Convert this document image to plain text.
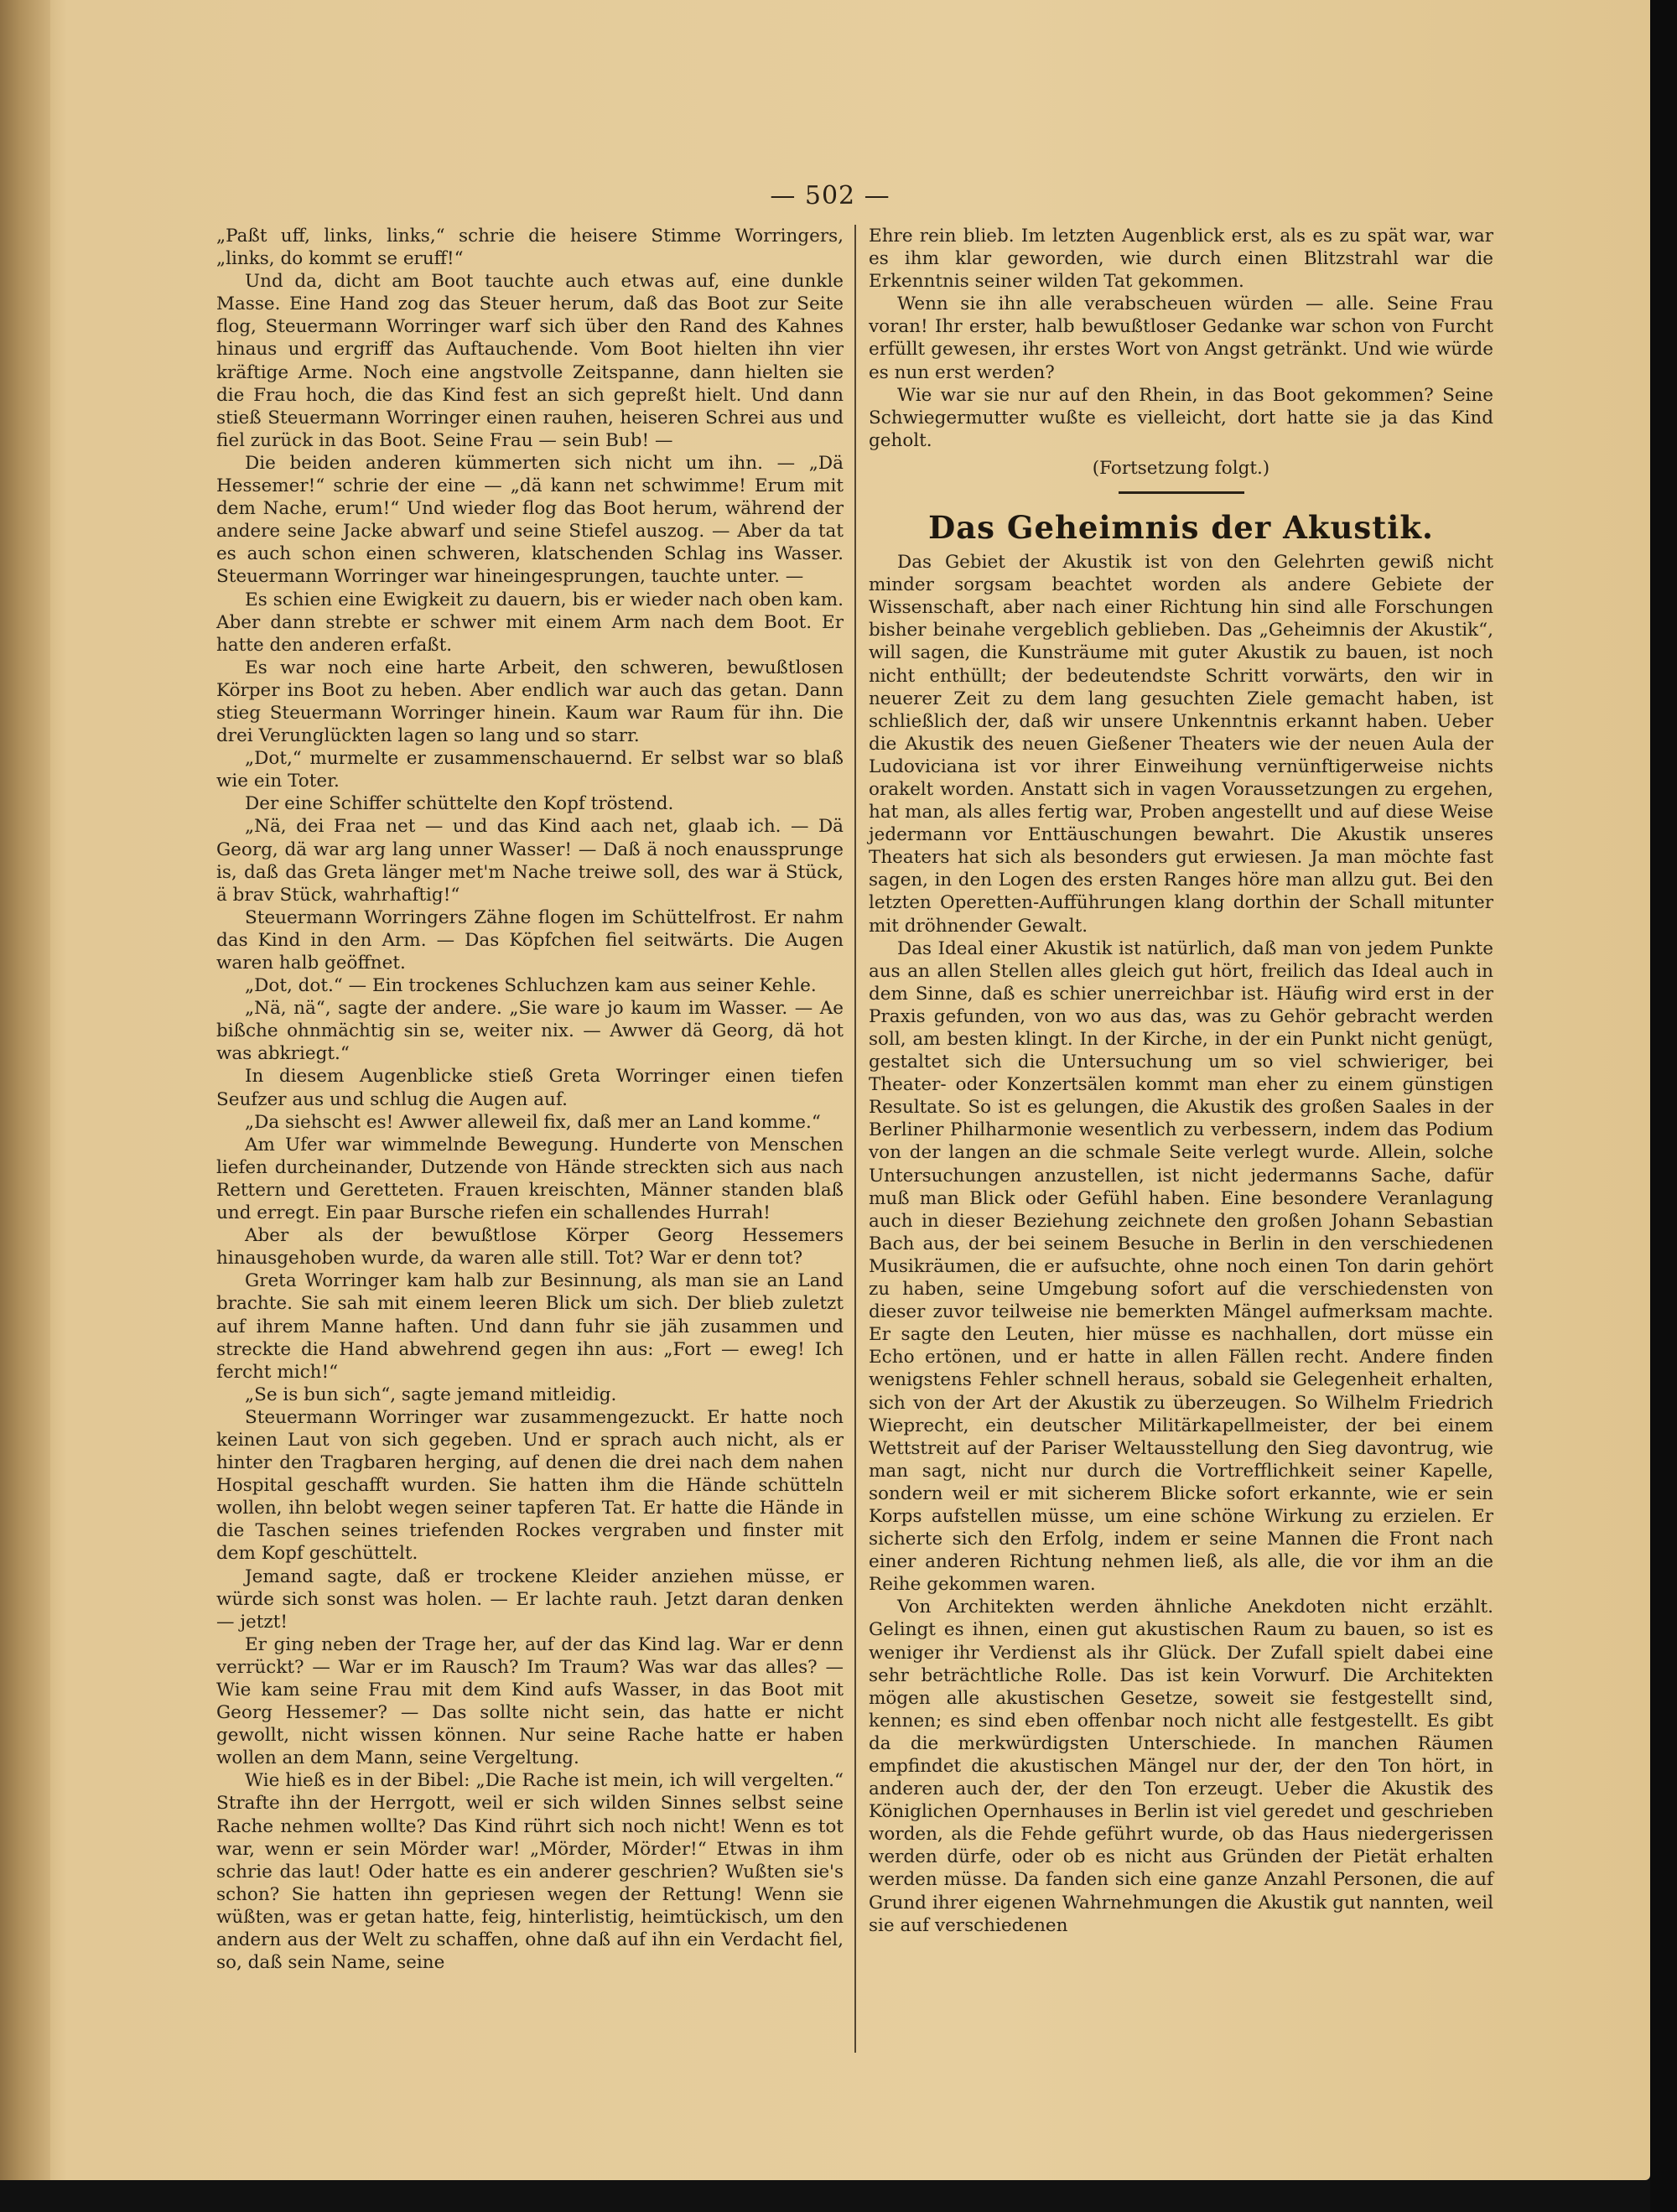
— 502 —

„Paßt uff, links, links,“ schrie die heisere Stimme Worringers, „links, do kommt se eruff!“

Und da, dicht am Boot tauchte auch etwas auf, eine dunkle Masse. Eine Hand zog das Steuer herum, daß das Boot zur Seite flog, Steuermann Worringer warf sich über den Rand des Kahnes hinaus und ergriff das Auftauchende. Vom Boot hielten ihn vier kräftige Arme. Noch eine angstvolle Zeitspanne, dann hielten sie die Frau hoch, die das Kind fest an sich gepreßt hielt. Und dann stieß Steuermann Worringer einen rauhen, heiseren Schrei aus und fiel zurück in das Boot. Seine Frau — sein Bub! —

Die beiden anderen kümmerten sich nicht um ihn. — „Dä Hessemer!“ schrie der eine — „dä kann net schwimme! Erum mit dem Nache, erum!“ Und wieder flog das Boot herum, während der andere seine Jacke abwarf und seine Stiefel auszog. — Aber da tat es auch schon einen schweren, klatschenden Schlag ins Wasser. Steuermann Worringer war hineingesprungen, tauchte unter. —

Es schien eine Ewigkeit zu dauern, bis er wieder nach oben kam. Aber dann strebte er schwer mit einem Arm nach dem Boot. Er hatte den anderen erfaßt.

Es war noch eine harte Arbeit, den schweren, bewußtlosen Körper ins Boot zu heben. Aber endlich war auch das getan. Dann stieg Steuermann Worringer hinein. Kaum war Raum für ihn. Die drei Verunglückten lagen so lang und so starr.

„Dot,“ murmelte er zusammenschauernd. Er selbst war so blaß wie ein Toter.

Der eine Schiffer schüttelte den Kopf tröstend.

„Nä, dei Fraa net — und das Kind aach net, glaab ich. — Dä Georg, dä war arg lang unner Wasser! — Daß ä noch enaussprunge is, daß das Greta länger met'm Nache treiwe soll, des war ä Stück, ä brav Stück, wahrhaftig!“

Steuermann Worringers Zähne flogen im Schüttelfrost. Er nahm das Kind in den Arm. — Das Köpfchen fiel seitwärts. Die Augen waren halb geöffnet.

„Dot, dot.“ — Ein trockenes Schluchzen kam aus seiner Kehle.

„Nä, nä“, sagte der andere. „Sie ware jo kaum im Wasser. — Ae bißche ohnmächtig sin se, weiter nix. — Awwer dä Georg, dä hot was abkriegt.“

In diesem Augenblicke stieß Greta Worringer einen tiefen Seufzer aus und schlug die Augen auf.

„Da siehscht es! Awwer alleweil fix, daß mer an Land komme.“

Am Ufer war wimmelnde Bewegung. Hunderte von Menschen liefen durcheinander, Dutzende von Hände streckten sich aus nach Rettern und Geretteten. Frauen kreischten, Männer standen blaß und erregt. Ein paar Bursche riefen ein schallendes Hurrah!

Aber als der bewußtlose Körper Georg Hessemers hinausgehoben wurde, da waren alle still. Tot? War er denn tot?

Greta Worringer kam halb zur Besinnung, als man sie an Land brachte. Sie sah mit einem leeren Blick um sich. Der blieb zuletzt auf ihrem Manne haften. Und dann fuhr sie jäh zusammen und streckte die Hand abwehrend gegen ihn aus: „Fort — eweg! Ich fercht mich!“

„Se is bun sich“, sagte jemand mitleidig.

Steuermann Worringer war zusammengezuckt. Er hatte noch keinen Laut von sich gegeben. Und er sprach auch nicht, als er hinter den Tragbaren herging, auf denen die drei nach dem nahen Hospital geschafft wurden. Sie hatten ihm die Hände schütteln wollen, ihn belobt wegen seiner tapferen Tat. Er hatte die Hände in die Taschen seines triefenden Rockes vergraben und finster mit dem Kopf geschüttelt.

Jemand sagte, daß er trockene Kleider anziehen müsse, er würde sich sonst was holen. — Er lachte rauh. Jetzt daran denken — jetzt!

Er ging neben der Trage her, auf der das Kind lag. War er denn verrückt? — War er im Rausch? Im Traum? Was war das alles? — Wie kam seine Frau mit dem Kind aufs Wasser, in das Boot mit Georg Hessemer? — Das sollte nicht sein, das hatte er nicht gewollt, nicht wissen können. Nur seine Rache hatte er haben wollen an dem Mann, seine Vergeltung.

Wie hieß es in der Bibel: „Die Rache ist mein, ich will vergelten.“ Strafte ihn der Herrgott, weil er sich wilden Sinnes selbst seine Rache nehmen wollte? Das Kind rührt sich noch nicht! Wenn es tot war, wenn er sein Mörder war! „Mörder, Mörder!“ Etwas in ihm schrie das laut! Oder hatte es ein anderer geschrien? Wußten sie's schon? Sie hatten ihn gepriesen wegen der Rettung! Wenn sie wüßten, was er getan hatte, feig, hinterlistig, heimtückisch, um den andern aus der Welt zu schaffen, ohne daß auf ihn ein Verdacht fiel, so, daß sein Name, seine

Ehre rein blieb. Im letzten Augenblick erst, als es zu spät war, war es ihm klar geworden, wie durch einen Blitzstrahl war die Erkenntnis seiner wilden Tat gekommen.

Wenn sie ihn alle verabscheuen würden — alle. Seine Frau voran! Ihr erster, halb bewußtloser Gedanke war schon von Furcht erfüllt gewesen, ihr erstes Wort von Angst getränkt. Und wie würde es nun erst werden?

Wie war sie nur auf den Rhein, in das Boot gekommen? Seine Schwiegermutter wußte es vielleicht, dort hatte sie ja das Kind geholt.

(Fortsetzung folgt.)

Das Geheimnis der Akustik.

Das Gebiet der Akustik ist von den Gelehrten gewiß nicht minder sorgsam beachtet worden als andere Gebiete der Wissenschaft, aber nach einer Richtung hin sind alle Forschungen bisher beinahe vergeblich geblieben. Das „Geheimnis der Akustik“, will sagen, die Kunsträume mit guter Akustik zu bauen, ist noch nicht enthüllt; der bedeutendste Schritt vorwärts, den wir in neuerer Zeit zu dem lang gesuchten Ziele gemacht haben, ist schließlich der, daß wir unsere Unkenntnis erkannt haben. Ueber die Akustik des neuen Gießener Theaters wie der neuen Aula der Ludoviciana ist vor ihrer Einweihung vernünftigerweise nichts orakelt worden. Anstatt sich in vagen Voraussetzungen zu ergehen, hat man, als alles fertig war, Proben angestellt und auf diese Weise jedermann vor Enttäuschungen bewahrt. Die Akustik unseres Theaters hat sich als besonders gut erwiesen. Ja man möchte fast sagen, in den Logen des ersten Ranges höre man allzu gut. Bei den letzten Operetten-Aufführungen klang dorthin der Schall mitunter mit dröhnender Gewalt.

Das Ideal einer Akustik ist natürlich, daß man von jedem Punkte aus an allen Stellen alles gleich gut hört, freilich das Ideal auch in dem Sinne, daß es schier unerreichbar ist. Häufig wird erst in der Praxis gefunden, von wo aus das, was zu Gehör gebracht werden soll, am besten klingt. In der Kirche, in der ein Punkt nicht genügt, gestaltet sich die Untersuchung um so viel schwieriger, bei Theater- oder Konzertsälen kommt man eher zu einem günstigen Resultate. So ist es gelungen, die Akustik des großen Saales in der Berliner Philharmonie wesentlich zu verbessern, indem das Podium von der langen an die schmale Seite verlegt wurde. Allein, solche Untersuchungen anzustellen, ist nicht jedermanns Sache, dafür muß man Blick oder Gefühl haben. Eine besondere Veranlagung auch in dieser Beziehung zeichnete den großen Johann Sebastian Bach aus, der bei seinem Besuche in Berlin in den verschiedenen Musikräumen, die er aufsuchte, ohne noch einen Ton darin gehört zu haben, seine Umgebung sofort auf die verschiedensten von dieser zuvor teilweise nie bemerkten Mängel aufmerksam machte. Er sagte den Leuten, hier müsse es nachhallen, dort müsse ein Echo ertönen, und er hatte in allen Fällen recht. Andere finden wenigstens Fehler schnell heraus, sobald sie Gelegenheit erhalten, sich von der Art der Akustik zu überzeugen. So Wilhelm Friedrich Wieprecht, ein deutscher Militärkapellmeister, der bei einem Wettstreit auf der Pariser Weltausstellung den Sieg davontrug, wie man sagt, nicht nur durch die Vortrefflichkeit seiner Kapelle, sondern weil er mit sicherem Blicke sofort erkannte, wie er sein Korps aufstellen müsse, um eine schöne Wirkung zu erzielen. Er sicherte sich den Erfolg, indem er seine Mannen die Front nach einer anderen Richtung nehmen ließ, als alle, die vor ihm an die Reihe gekommen waren.

Von Architekten werden ähnliche Anekdoten nicht erzählt. Gelingt es ihnen, einen gut akustischen Raum zu bauen, so ist es weniger ihr Verdienst als ihr Glück. Der Zufall spielt dabei eine sehr beträchtliche Rolle. Das ist kein Vorwurf. Die Architekten mögen alle akustischen Gesetze, soweit sie festgestellt sind, kennen; es sind eben offenbar noch nicht alle festgestellt. Es gibt da die merkwürdigsten Unterschiede. In manchen Räumen empfindet die akustischen Mängel nur der, der den Ton hört, in anderen auch der, der den Ton erzeugt. Ueber die Akustik des Königlichen Opernhauses in Berlin ist viel geredet und geschrieben worden, als die Fehde geführt wurde, ob das Haus niedergerissen werden dürfe, oder ob es nicht aus Gründen der Pietät erhalten werden müsse. Da fanden sich eine ganze Anzahl Personen, die auf Grund ihrer eigenen Wahrnehmungen die Akustik gut nannten, weil sie auf verschiedenen
